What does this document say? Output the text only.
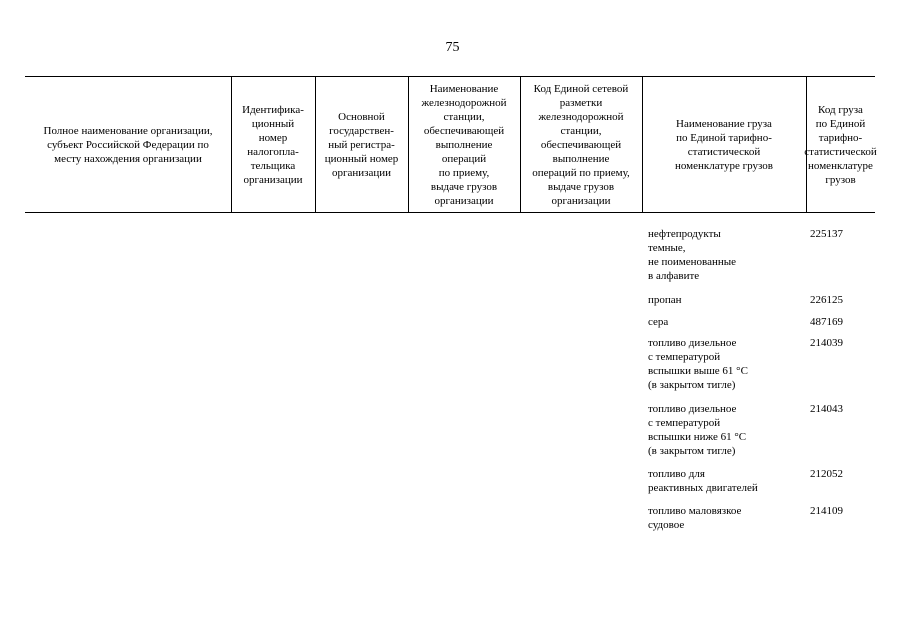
75
Полное наименование организации,
субъект Российской Федерации по
месту нахождения организации
Идентифика-
ционный
номер
налогопла-
тельщика
организации
Основной
государствен-
ный регистра-
ционный номер
организации
Наименование
железнодорожной
станции,
обеспечивающей
выполнение
операций
по приему,
выдаче грузов
организации
Код Единой сетевой
разметки
железнодорожной
станции,
обеспечивающей
выполнение
операций по приему,
выдаче грузов
организации
Наименование груза
по Единой тарифно-
статистической
номенклатуре грузов
Код груза
по Единой
тарифно-
статистической
номенклатуре
грузов
нефтепродукты
темные,
не поименованные
в алфавите
225137
пропан	226125
сера	487169
топливо дизельное
с температурой
вспышки выше 61 °С
(в закрытом тигле)
214039
топливо дизельное
с температурой
вспышки ниже 61 °С
(в закрытом тигле)
214043
топливо для
реактивных двигателей
212052
топливо маловязкое
судовое
214109
